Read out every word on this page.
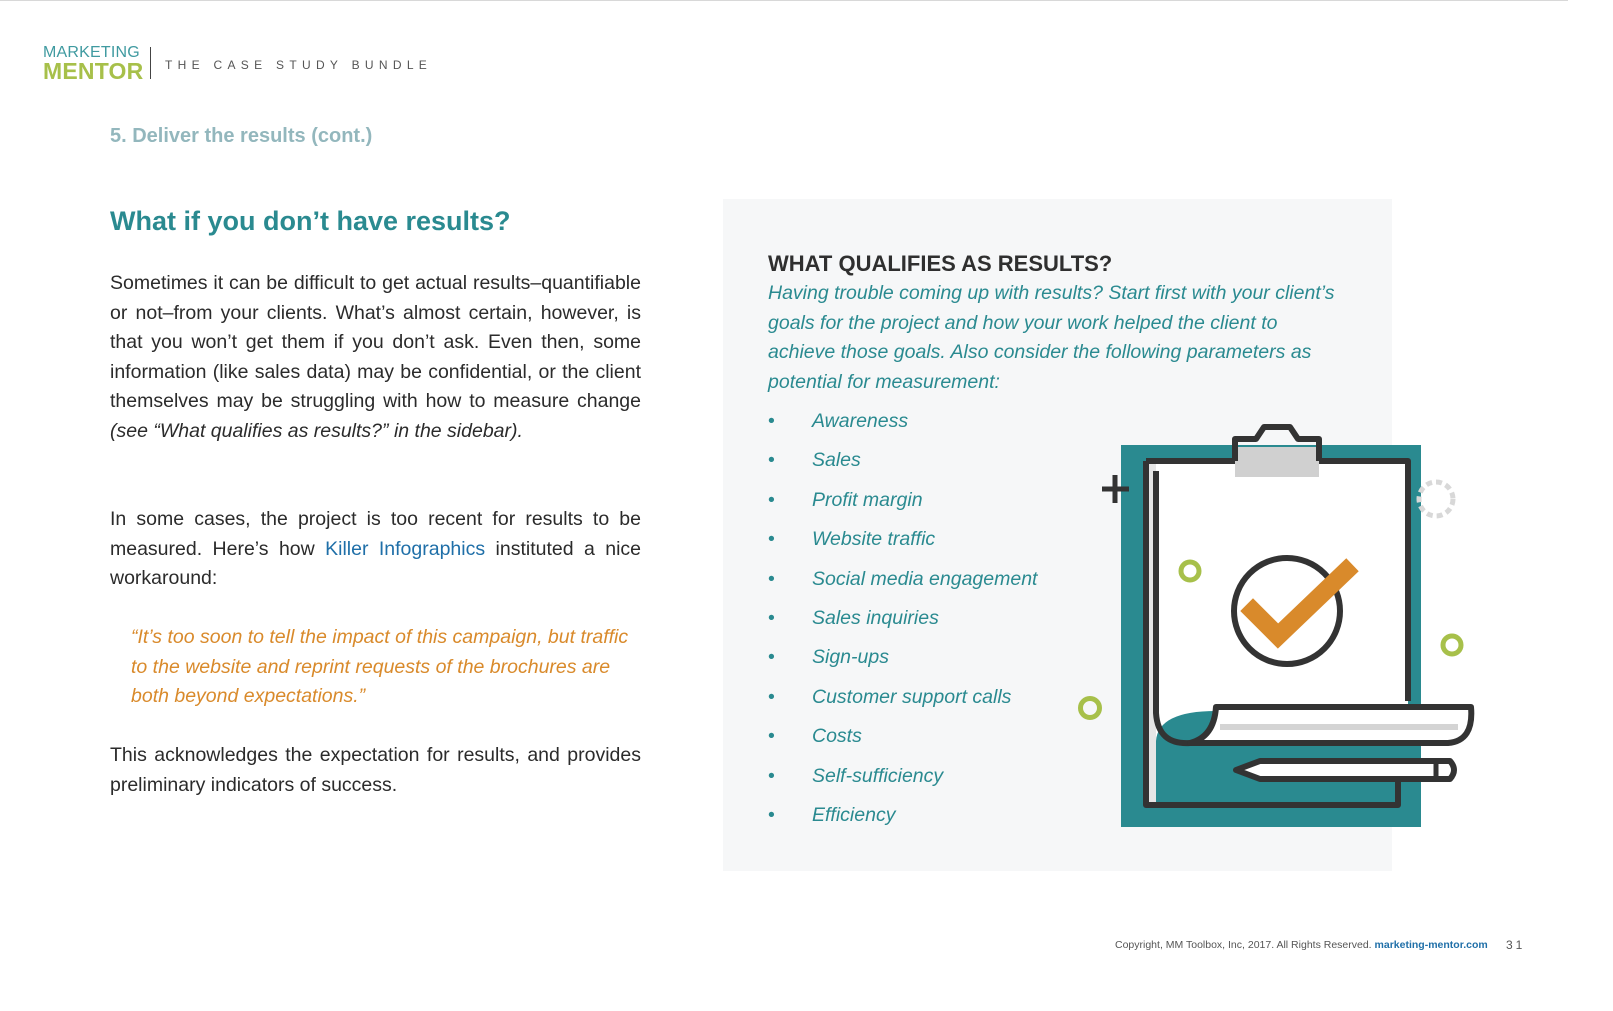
MARKETING
MENTOR THE CASE STUDY BUNDLE
5. Deliver the results (cont.)
What if you don’t have results?
Sometimes it can be difficult to get actual results–quantifiable or not–from your clients. What’s almost certain, however, is that you won’t get them if you don’t ask. Even then, some information (like sales data) may be confidential, or the client themselves may be struggling with how to measure change (see “What qualifies as results?” in the sidebar).
In some cases, the project is too recent for results to be measured. Here’s how Killer Infographics instituted a nice workaround:
“It’s too soon to tell the impact of this campaign, but traffic to the website and reprint requests of the brochures are both beyond expectations.”
This acknowledges the expectation for results, and provides preliminary indicators of success.
WHAT QUALIFIES AS RESULTS?
Having trouble coming up with results? Start first with your client’s goals for the project and how your work helped the client to achieve those goals. Also consider the following parameters as potential for measurement:
• Awareness
• Sales
• Profit margin
• Website traffic
• Social media engagement
• Sales inquiries
• Sign-ups
• Customer support calls
• Costs
• Self-sufficiency
• Efficiency
Copyright, MM Toolbox, Inc, 2017. All Rights Reserved. marketing-mentor.com 31
